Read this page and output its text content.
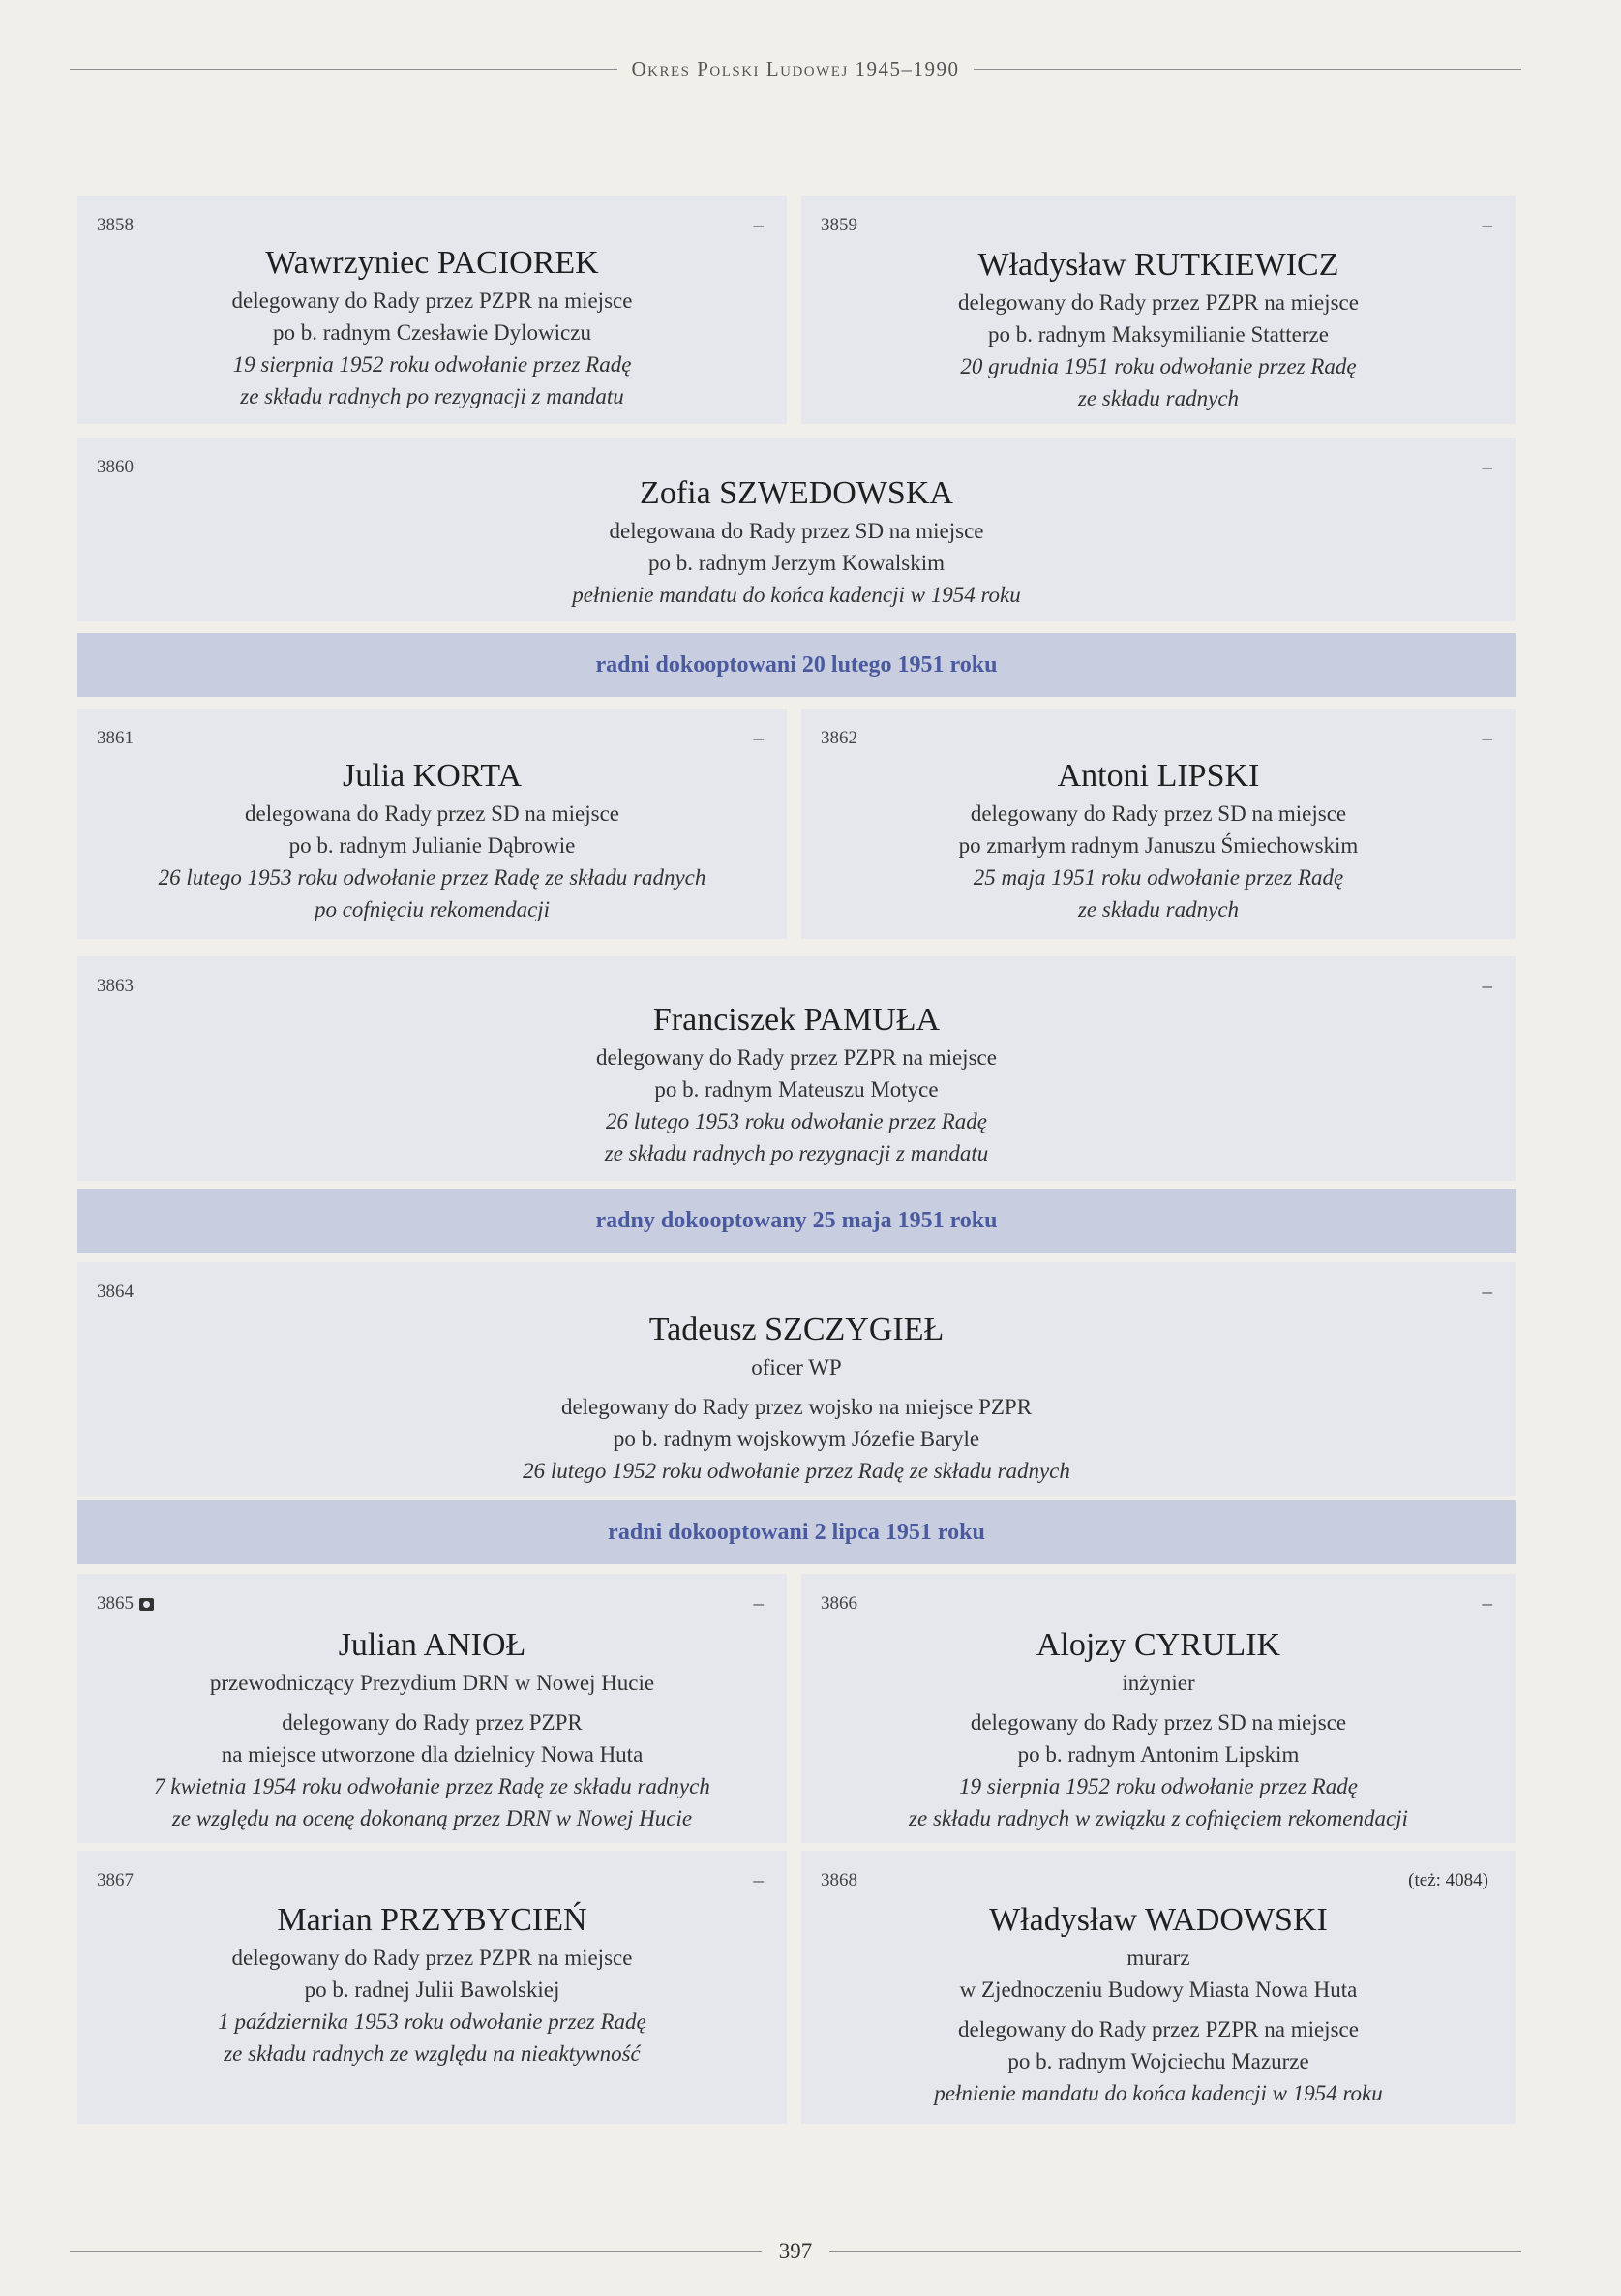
Okres Polski Ludowej 1945–1990
3858	–
Wawrzyniec PACIOREK
delegowany do Rady przez PZPR na miejsce
po b. radnym Czesławie Dylowiczu
19 sierpnia 1952 roku odwołanie przez Radę
ze składu radnych po rezygnacji z mandatu
3859	–
Władysław RUTKIEWICZ
delegowany do Rady przez PZPR na miejsce
po b. radnym Maksymilianie Statterze
20 grudnia 1951 roku odwołanie przez Radę
ze składu radnych
3860	–
Zofia SZWEDOWSKA
delegowana do Rady przez SD na miejsce
po b. radnym Jerzym Kowalskim
pełnienie mandatu do końca kadencji w 1954 roku
radni dokooptowani 20 lutego 1951 roku
3861	–
Julia KORTA
delegowana do Rady przez SD na miejsce
po b. radnym Julianie Dąbrowie
26 lutego 1953 roku odwołanie przez Radę ze składu radnych
po cofnięciu rekomendacji
3862	–
Antoni LIPSKI
delegowany do Rady przez SD na miejsce
po zmarłym radnym Januszu Śmiechowskim
25 maja 1951 roku odwołanie przez Radę
ze składu radnych
3863	–
Franciszek PAMUŁA
delegowany do Rady przez PZPR na miejsce
po b. radnym Mateuszu Motyce
26 lutego 1953 roku odwołanie przez Radę
ze składu radnych po rezygnacji z mandatu
radny dokooptowany 25 maja 1951 roku
3864	–
Tadeusz SZCZYGIEŁ
oficer WP
delegowany do Rady przez wojsko na miejsce PZPR
po b. radnym wojskowym Józefie Baryle
26 lutego 1952 roku odwołanie przez Radę ze składu radnych
radni dokooptowani 2 lipca 1951 roku
3865	–
Julian ANIOŁ
przewodniczący Prezydium DRN w Nowej Hucie
delegowany do Rady przez PZPR
na miejsce utworzone dla dzielnicy Nowa Huta
7 kwietnia 1954 roku odwołanie przez Radę ze składu radnych
ze względu na ocenę dokonaną przez DRN w Nowej Hucie
3866	–
Alojzy CYRULIK
inżynier
delegowany do Rady przez SD na miejsce
po b. radnym Antonim Lipskim
19 sierpnia 1952 roku odwołanie przez Radę
ze składu radnych w związku z cofnięciem rekomendacji
3867	–
Marian PRZYBYCIEŃ
delegowany do Rady przez PZPR na miejsce
po b. radnej Julii Bawolskiej
1 października 1953 roku odwołanie przez Radę
ze składu radnych ze względu na nieaktywność
3868	(też: 4084)
Władysław WADOWSKI
murarz
w Zjednoczeniu Budowy Miasta Nowa Huta
delegowany do Rady przez PZPR na miejsce
po b. radnym Wojciechu Mazurze
pełnienie mandatu do końca kadencji w 1954 roku
397
